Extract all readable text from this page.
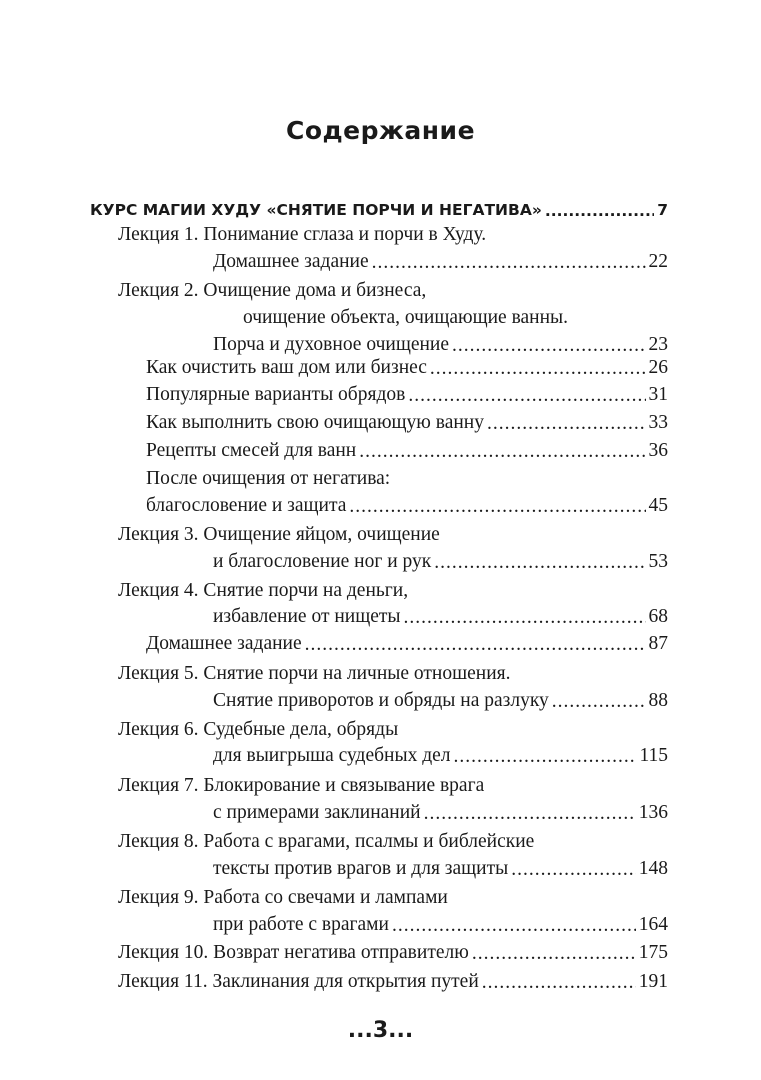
Содержание
КУРС МАГИИ ХУДУ «СНЯТИЕ ПОРЧИ И НЕГАТИВА» .....	7
Лекция 1. Понимание сглаза и порчи в Худу.
Домашнее задание .....	22
Лекция 2. Очищение дома и бизнеса,
очищение объекта, очищающие ванны.
Порча и духовное очищение .....	23
Как очистить ваш дом или бизнес .....	26
Популярные варианты обрядов .....	31
Как выполнить свою очищающую ванну .....	33
Рецепты смесей для ванн .....	36
После очищения от негатива:
благословение и защита .....	45
Лекция 3. Очищение яйцом, очищение
и благословение ног и рук .....	53
Лекция 4. Снятие порчи на деньги,
избавление от нищеты .....	68
Домашнее задание .....	87
Лекция 5. Снятие порчи на личные отношения.
Снятие приворотов и обряды на разлуку .....	88
Лекция 6. Судебные дела, обряды
для выигрыша судебных дел .....	115
Лекция 7. Блокирование и связывание врага
с примерами заклинаний .....	136
Лекция 8. Работа с врагами, псалмы и библейские
тексты против врагов и для защиты .....	148
Лекция 9. Работа со свечами и лампами
при работе с врагами .....	164
Лекция 10. Возврат негатива отправителю .....	175
Лекция 11. Заклинания для открытия путей .....	191
...3...
